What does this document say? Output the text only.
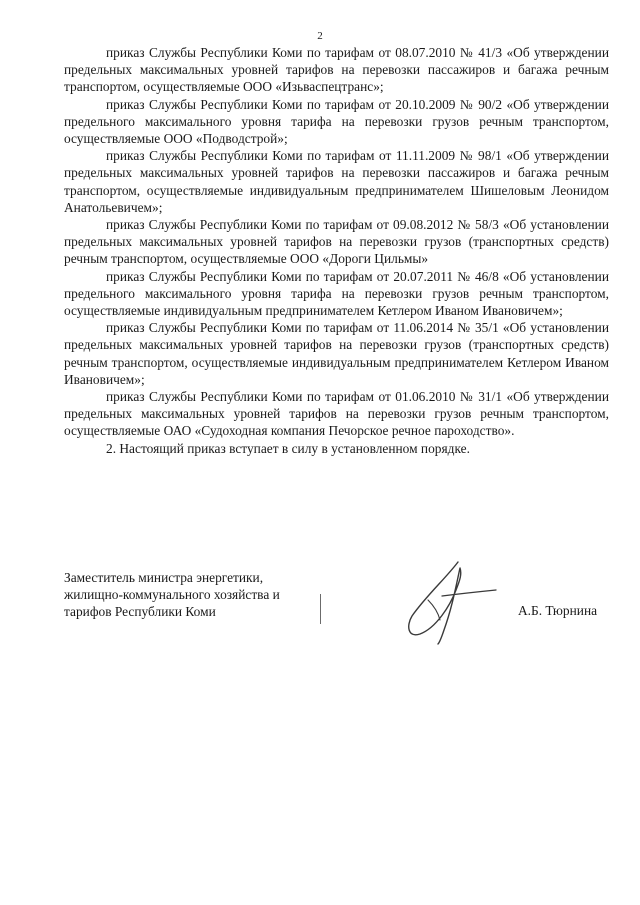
2

приказ Службы Республики Коми по тарифам от 08.07.2010 № 41/3 «Об утверждении предельных максимальных уровней тарифов на перевозки пассажиров и багажа речным транспортом, осуществляемые ООО «Изьваспецтранс»;

приказ Службы Республики Коми по тарифам от 20.10.2009 № 90/2 «Об утверждении предельного максимального уровня тарифа на перевозки грузов речным транспортом, осуществляемые ООО «Подводстрой»;

приказ Службы Республики Коми по тарифам от 11.11.2009 № 98/1 «Об утверждении предельных максимальных уровней тарифов на перевозки пассажиров и багажа речным транспортом, осуществляемые индивидуальным предпринимателем Шишеловым Леонидом Анатольевичем»;

приказ Службы Республики Коми по тарифам от 09.08.2012 № 58/3 «Об установлении предельных максимальных уровней тарифов на перевозки грузов (транспортных средств) речным транспортом, осуществляемые ООО «Дороги Цильмы»

приказ Службы Республики Коми по тарифам от 20.07.2011 № 46/8 «Об установлении предельного максимального уровня тарифа на перевозки грузов речным транспортом, осуществляемые индивидуальным предпринимателем Кетлером Иваном Ивановичем»;

приказ Службы Республики Коми по тарифам от 11.06.2014 № 35/1 «Об установлении предельных максимальных уровней тарифов на перевозки грузов (транспортных средств) речным транспортом, осуществляемые индивидуальным предпринимателем Кетлером Иваном Ивановичем»;

приказ Службы Республики Коми по тарифам от 01.06.2010 № 31/1 «Об утверждении предельных максимальных уровней тарифов на перевозки грузов речным транспортом, осуществляемые ОАО «Судоходная компания Печорское речное пароходство».

2. Настоящий приказ вступает в силу в установленном порядке.

Заместитель министра энергетики,
жилищно-коммунального хозяйства и
тарифов Республики Коми	А.Б. Тюрнина
